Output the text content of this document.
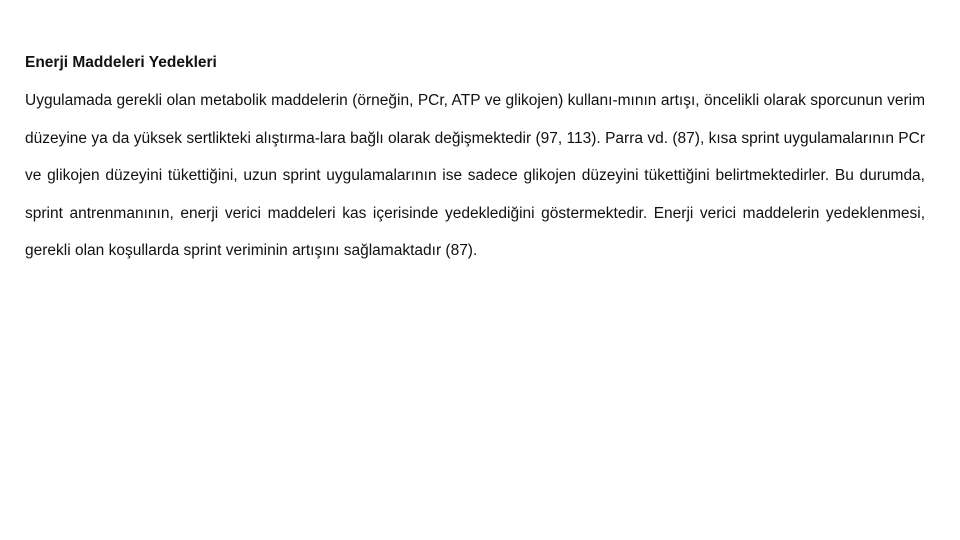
Enerji Maddeleri Yedekleri

Uygulamada gerekli olan metabolik maddelerin (örneğin, PCr, ATP ve glikojen) kullanı-mının artışı, öncelikli olarak sporcunun verim düzeyine ya da yüksek sertlikteki alıştırma-lara bağlı olarak değişmektedir (97, 113). Parra vd. (87), kısa sprint uygulamalarının PCr ve glikojen düzeyini tükettiğini, uzun sprint uygulamalarının ise sadece glikojen düzeyini tükettiğini belirtmektedirler. Bu durumda, sprint antrenmanının, enerji verici maddeleri kas içerisinde yedeklediğini göstermektedir. Enerji verici maddelerin yedeklenmesi, gerekli olan koşullarda sprint veriminin artışını sağlamaktadır (87).
